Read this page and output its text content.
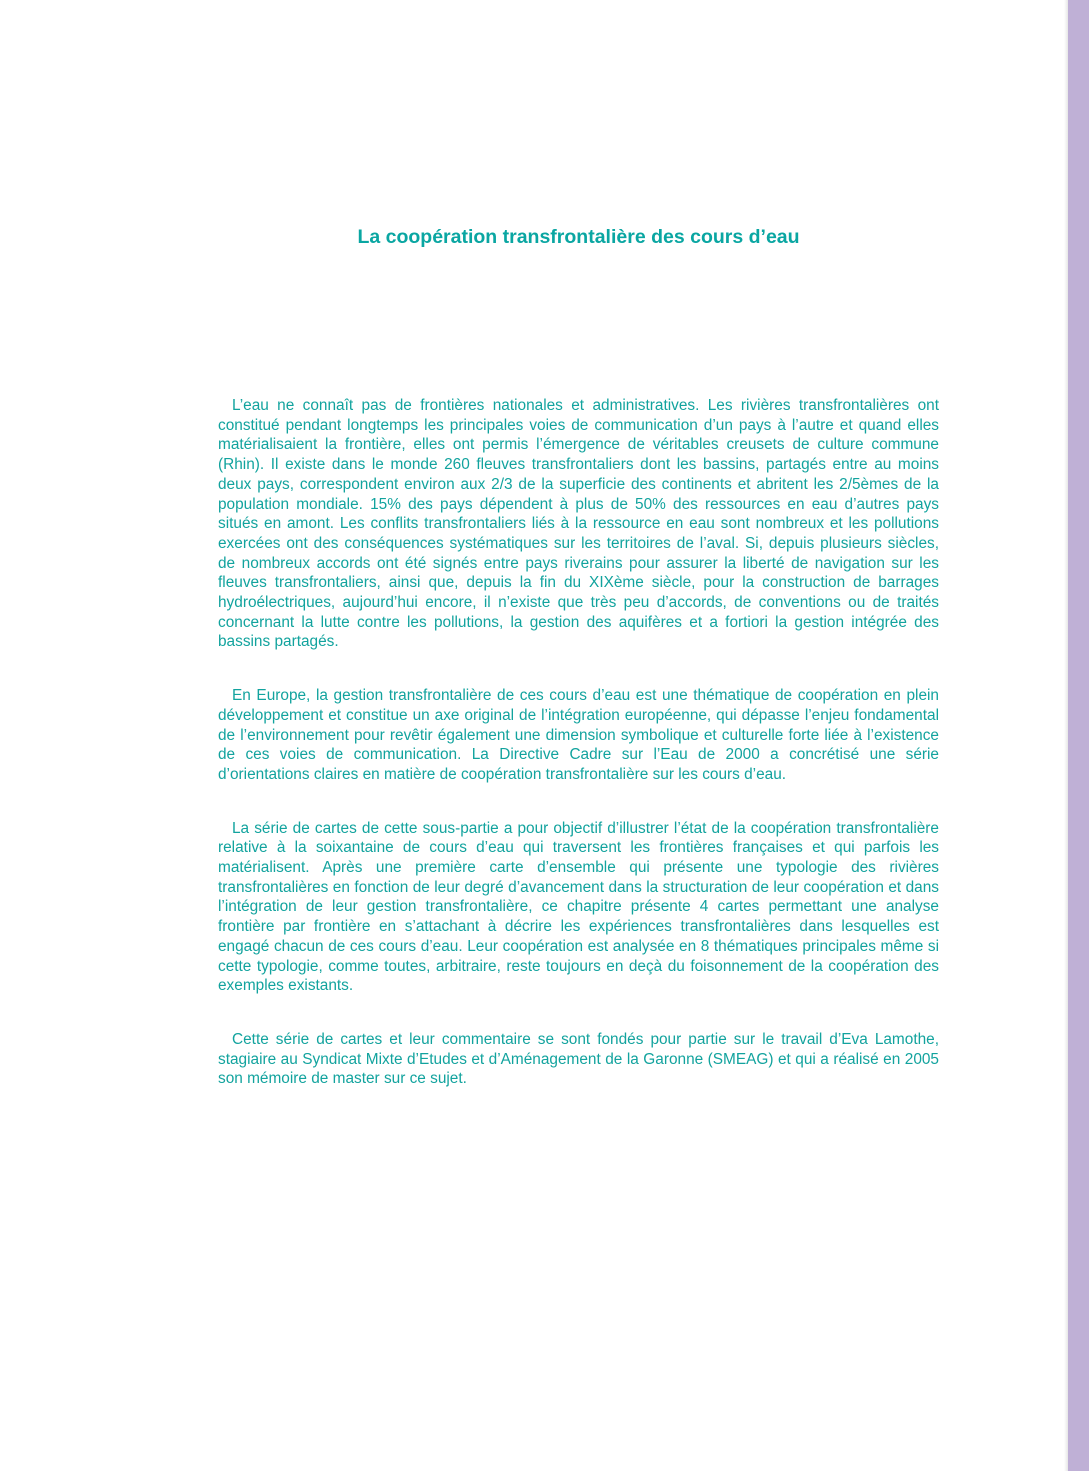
La coopération transfrontalière des cours d’eau

L’eau ne connaît pas de frontières nationales et administratives. Les rivières transfrontalières ont constitué pendant longtemps les principales voies de communication d’un pays à l’autre et quand elles matérialisaient la frontière, elles ont permis l’émergence de véritables creusets de culture commune (Rhin). Il existe dans le monde 260 fleuves transfrontaliers dont les bassins, partagés entre au moins deux pays, correspondent environ aux 2/3 de la superficie des continents et abritent les 2/5èmes de la population mondiale. 15% des pays dépendent à plus de 50% des ressources en eau d’autres pays situés en amont. Les conflits transfrontaliers liés à la ressource en eau sont nombreux et les pollutions exercées ont des conséquences systématiques sur les territoires de l’aval. Si, depuis plusieurs siècles, de nombreux accords ont été signés entre pays riverains pour assurer la liberté de navigation sur les fleuves transfrontaliers, ainsi que, depuis la fin du XIXème siècle, pour la construction de barrages hydroélectriques, aujourd’hui encore, il n’existe que très peu d’accords, de conventions ou de traités concernant la lutte contre les pollutions, la gestion des aquifères et a fortiori la gestion intégrée des bassins partagés.

En Europe, la gestion transfrontalière de ces cours d’eau est une thématique de coopération en plein développement et constitue un axe original de l’intégration européenne, qui dépasse l’enjeu fondamental de l’environnement pour revêtir également une dimension symbolique et culturelle forte liée à l’existence de ces voies de communication. La Directive Cadre sur l’Eau de 2000 a concrétisé une série d’orientations claires en matière de coopération transfrontalière sur les cours d’eau.

La série de cartes de cette sous-partie a pour objectif d’illustrer l’état de la coopération transfrontalière relative à la soixantaine de cours d’eau qui traversent les frontières françaises et qui parfois les matérialisent. Après une première carte d’ensemble qui présente une typologie des rivières transfrontalières en fonction de leur degré d’avancement dans la structuration de leur coopération et dans l’intégration de leur gestion transfrontalière, ce chapitre présente 4 cartes permettant une analyse frontière par frontière en s’attachant à décrire les expériences transfrontalières dans lesquelles est engagé chacun de ces cours d’eau. Leur coopération est analysée en 8 thématiques principales même si cette typologie, comme toutes, arbitraire, reste toujours en deçà du foisonnement de la coopération des exemples existants.

Cette série de cartes et leur commentaire se sont fondés pour partie sur le travail d’Eva Lamothe, stagiaire au Syndicat Mixte d’Etudes et d’Aménagement de la Garonne (SMEAG) et qui a réalisé en 2005 son mémoire de master sur ce sujet.
